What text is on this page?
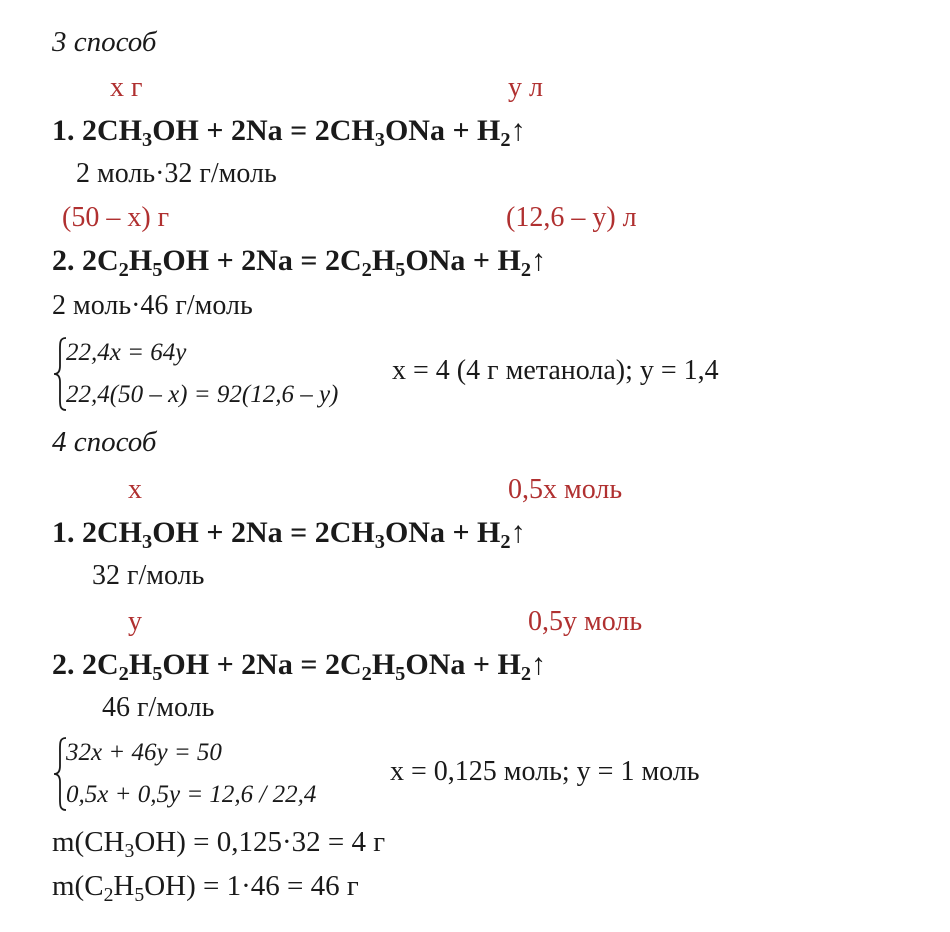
3 способ
x г	y л
1. 2CH3OH + 2Na = 2CH3ONa + H2↑
2 моль·32 г/моль
(50 – x) г	(12,6 – y) л
2. 2C2H5OH + 2Na = 2C2H5ONa + H2↑
2 моль·46 г/моль
22,4x = 64y
22,4(50 – x) = 92(12,6 – y)
x = 4 (4 г метанола); y = 1,4
4 способ
x	0,5x моль
1. 2CH3OH + 2Na = 2CH3ONa + H2↑
32 г/моль
y	0,5y моль
2. 2C2H5OH + 2Na = 2C2H5ONa + H2↑
46 г/моль
32x + 46y = 50
0,5x + 0,5y = 12,6 / 22,4
x = 0,125 моль; y = 1 моль
m(CH3OH) = 0,125·32 = 4 г
m(C2H5OH) = 1·46 = 46 г
